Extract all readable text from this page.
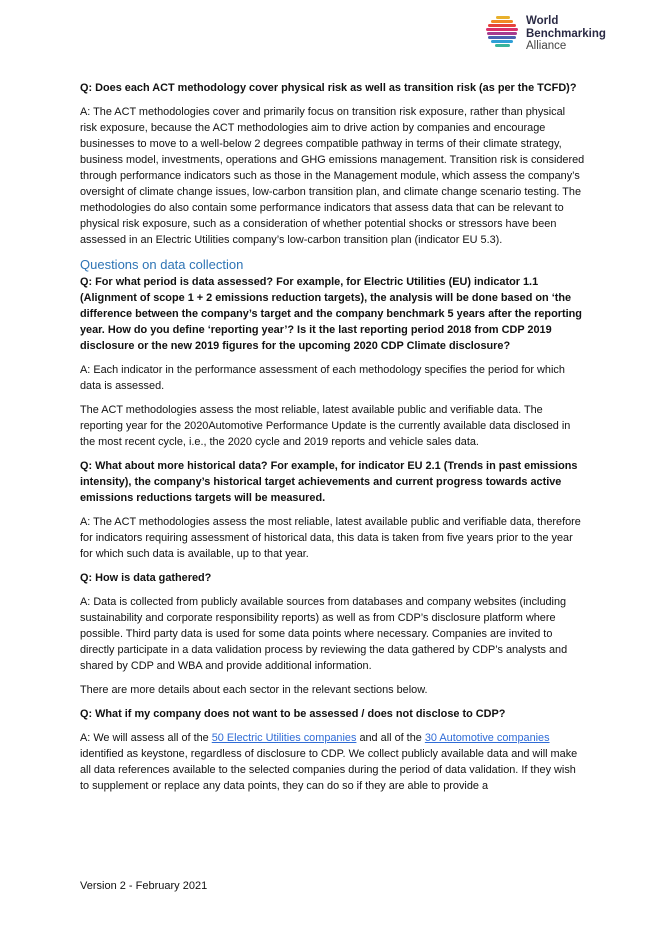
World
Benchmarking
Alliance

Q: Does each ACT methodology cover physical risk as well as transition risk (as per the TCFD)?

A: The ACT methodologies cover and primarily focus on transition risk exposure, rather than physical risk exposure, because the ACT methodologies aim to drive action by companies and encourage businesses to move to a well-below 2 degrees compatible pathway in terms of their climate strategy, business model, investments, operations and GHG emissions management. Transition risk is considered through performance indicators such as those in the Management module, which assess the company’s oversight of climate change issues, low-carbon transition plan, and climate change scenario testing. The methodologies do also contain some performance indicators that assess data that can be relevant to physical risk exposure, such as a consideration of whether potential shocks or stressors have been assessed in an Electric Utilities company’s low-carbon transition plan (indicator EU 5.3).

Questions on data collection

Q: For what period is data assessed? For example, for Electric Utilities (EU) indicator 1.1 (Alignment of scope 1 + 2 emissions reduction targets), the analysis will be done based on ‘the difference between the company’s target and the company benchmark 5 years after the reporting year. How do you define ‘reporting year’? Is it the last reporting period 2018 from CDP 2019 disclosure or the new 2019 figures for the upcoming 2020 CDP Climate disclosure?

A: Each indicator in the performance assessment of each methodology specifies the period for which data is assessed.

The ACT methodologies assess the most reliable, latest available public and verifiable data. The reporting year for the 2020Automotive Performance Update is the currently available data disclosed in the most recent cycle, i.e., the 2020 cycle and 2019 reports and vehicle sales data.

Q: What about more historical data? For example, for indicator EU 2.1 (Trends in past emissions intensity), the company’s historical target achievements and current progress towards active emissions reductions targets will be measured.

A: The ACT methodologies assess the most reliable, latest available public and verifiable data, therefore for indicators requiring assessment of historical data, this data is taken from five years prior to the year for which such data is available, up to that year.

Q: How is data gathered?

A: Data is collected from publicly available sources from databases and company websites (including sustainability and corporate responsibility reports) as well as from CDP’s disclosure platform where possible. Third party data is used for some data points where necessary. Companies are invited to directly participate in a data validation process by reviewing the data gathered by CDP’s analysts and shared by CDP and WBA and provide additional information.

There are more details about each sector in the relevant sections below.

Q: What if my company does not want to be assessed / does not disclose to CDP?

A: We will assess all of the 50 Electric Utilities companies and all of the 30 Automotive companies identified as keystone, regardless of disclosure to CDP. We collect publicly available data and will make all data references available to the selected companies during the period of data validation. If they wish to supplement or replace any data points, they can do so if they are able to provide a

Version 2 - February 2021
